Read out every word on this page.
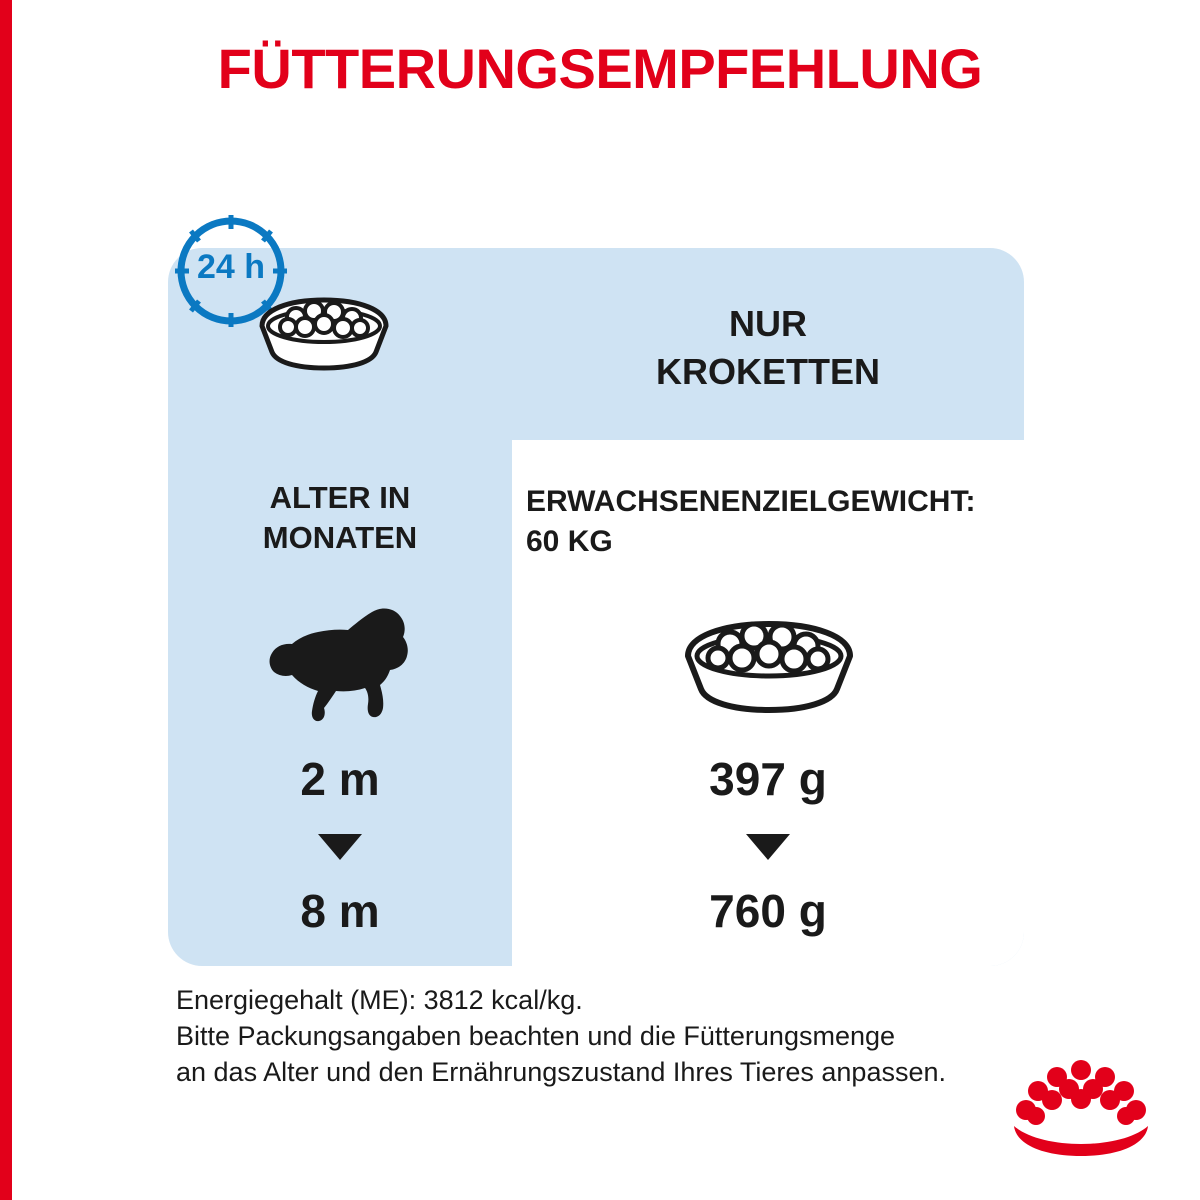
FÜTTERUNGSEMPFEHLUNG
NUR
KROKETTEN
ERWACHSENENZIELGEWICHT:
60 KG
ALTER IN
MONATEN
24 h
2 m
8 m
397 g
760 g
Energiegehalt (ME): 3812 kcal/kg.
Bitte Packungsangaben beachten und die Fütterungsmenge
an das Alter und den Ernährungszustand Ihres Tieres anpassen.
